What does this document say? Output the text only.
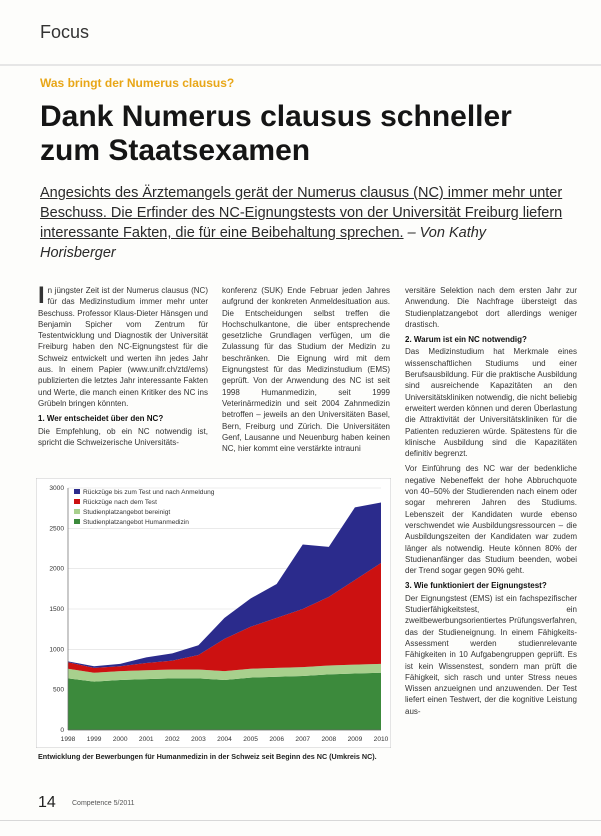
Focus
Was bringt der Numerus clausus?
Dank Numerus clausus schneller zum Staatsexamen
Angesichts des Ärztemangels gerät der Numerus clausus (NC) immer mehr unter Beschuss. Die Erfinder des NC-Eignungstests von der Universität Freiburg liefern interessante Fakten, die für eine Beibehaltung sprechen. – Von Kathy Horisberger

In jüngster Zeit ist der Numerus clausus (NC) für das Medizinstudium immer mehr unter Beschuss. Professor Klaus-Dieter Hänsgen und Benjamin Spicher vom Zentrum für Testentwicklung und Diagnostik der Universität Freiburg haben den NC-Eignungstest für die Schweiz entwickelt und werten ihn jedes Jahr aus. In einem Papier (www.unifr.ch/ztd/ems) publizierten die letztes Jahr interessante Fakten und Werte, die manch einen Kritiker des NC ins Grübeln bringen könnten.

1. Wer entscheidet über den NC?

Die Empfehlung, ob ein NC notwendig ist, spricht die Schweizerische Universitäts-

konferenz (SUK) Ende Februar jeden Jahres aufgrund der konkreten Anmeldesituation aus. Die Entscheidungen selbst treffen die Hochschulkantone, die über entsprechende gesetzliche Grundlagen verfügen, um die Zulassung für das Studium der Medizin zu beschränken. Die Eignung wird mit dem Eignungstest für das Medizinstudium (EMS) geprüft. Von der Anwendung des NC ist seit 1998 Humanmedizin, seit 1999 Veterinärmedizin und seit 2004 Zahnmedizin betroffen – jeweils an den Universitäten Basel, Bern, Freiburg und Zürich. Die Universitäten Genf, Lausanne und Neuenburg haben keinen NC, hier kommt eine verstärkte intrauni

versitäre Selektion nach dem ersten Jahr zur Anwendung. Die Nachfrage übersteigt das Studienplatzangebot dort allerdings weniger drastisch.

2. Warum ist ein NC notwendig?

Das Medizinstudium hat Merkmale eines wissenschaftlichen Studiums und einer Berufsausbildung. Für die praktische Ausbildung sind ausreichende Kapazitäten an den Universitätskliniken notwendig, die nicht beliebig erweitert werden können und deren Überlastung die Attraktivität der Universitätskliniken für die Patienten reduzieren würde. Spätestens für die klinische Ausbildung sind die Kapazitäten definitiv begrenzt.

Vor Einführung des NC war der bedenkliche negative Nebeneffekt der hohe Abbruchquote von 40–50% der Studierenden nach einem oder sogar mehreren Jahren des Studiums. Lebenszeit der Kandidaten wurde ebenso verschwendet wie Ausbildungsressourcen – die Ausbildungszeiten der Kandidaten war zudem länger als notwendig. Heute können 80% der Studienanfänger das Studium beenden, wobei der Trend sogar gegen 90% geht.

3. Wie funktioniert der Eignungstest?

Der Eignungstest (EMS) ist ein fachspezifischer Studierfähigkeitstest, ein zweitbewerbungsorientiertes Prüfungsverfahren, das der Studieneignung. In einem Fähigkeits-Assessment werden studienrelevante Fähigkeiten in 10 Aufgabengruppen geprüft. Es ist kein Wissenstest, sondern man prüft die Fähigkeit, sich rasch und unter Stress neues Wissen anzueignen und anzuwenden. Der Test liefert einen Testwert, der die kognitive Leistung aus-

0
500
1000
1500
2000
2500
3000
1998 1999 2000 2001 2002 2003 2004 2005 2006 2007 2008 2009 2010
Rückzüge bis zum Test und nach Anmeldung
Rückzüge nach dem Test
Studienplatzangebot bereinigt
Studienplatzangebot Humanmedizin
Entwicklung der Bewerbungen für Humanmedizin in der Schweiz seit Beginn des NC (Umkreis NC).
14 Competence 5/2011
